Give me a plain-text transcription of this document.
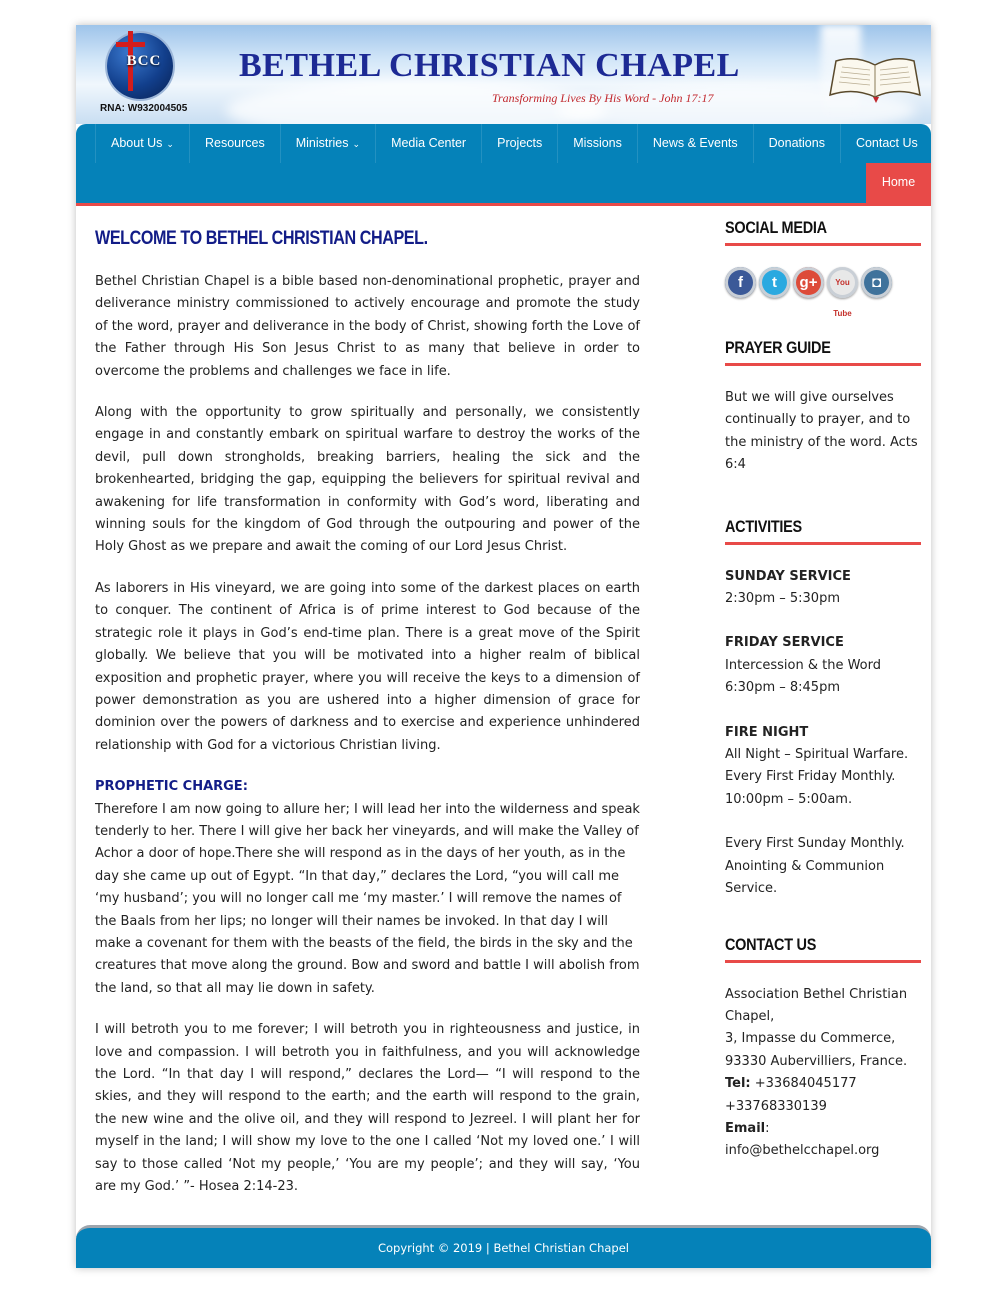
BCC
RNA: W932004505
BETHEL CHRISTIAN CHAPEL
Transforming Lives By His Word - John 17:17
About Us ⌄	Resources	Ministries ⌄	Media Center	Projects	Missions	News & Events	Donations	Contact Us
Home
WELCOME TO BETHEL CHRISTIAN CHAPEL.

Bethel Christian Chapel is a bible based non-denominational prophetic, prayer and deliverance ministry commissioned to actively encourage and promote the study of the word, prayer and deliverance in the body of Christ, showing forth the Love of the Father through His Son Jesus Christ to as many that believe in order to overcome the problems and challenges we face in life.

Along with the opportunity to grow spiritually and personally, we consistently engage in and constantly embark on spiritual warfare to destroy the works of the devil, pull down strongholds, breaking barriers, healing the sick and the brokenhearted, bridging the gap, equipping the believers for spiritual revival and awakening for life transformation in conformity with God’s word, liberating and winning souls for the kingdom of God through the outpouring and power of the Holy Ghost as we prepare and await the coming of our Lord Jesus Christ.

As laborers in His vineyard, we are going into some of the darkest places on earth to conquer. The continent of Africa is of prime interest to God because of the strategic role it plays in God’s end-time plan. There is a great move of the Spirit globally. We believe that you will be motivated into a higher realm of biblical exposition and prophetic prayer, where you will receive the keys to a dimension of power demonstration as you are ushered into a higher dimension of grace for dominion over the powers of darkness and to exercise and experience unhindered relationship with God for a victorious Christian living.

PROPHETIC CHARGE:
Therefore I am now going to allure her; I will lead her into the wilderness and speak tenderly to her. There I will give her back her vineyards, and will make the Valley of Achor a door of hope.There she will respond as in the days of her youth, as in the day she came up out of Egypt. “In that day,” declares the Lord, “you will call me ‘my husband’; you will no longer call me ‘my master.’ I will remove the names of the Baals from her lips; no longer will their names be invoked. In that day I will make a covenant for them with the beasts of the field, the birds in the sky and the creatures that move along the ground. Bow and sword and battle I will abolish from the land, so that all may lie down in safety.

I will betroth you to me forever; I will betroth you in righteousness and justice, in love and compassion. I will betroth you in faithfulness, and you will acknowledge the Lord. “In that day I will respond,” declares the Lord— “I will respond to the skies, and they will respond to the earth; and the earth will respond to the grain, the new wine and the olive oil, and they will respond to Jezreel. I will plant her for myself in the land; I will show my love to the one I called ‘Not my loved one.’ I will say to those called ‘Not my people,’ ‘You are my people’; and they will say, ‘You are my God.’ ”- Hosea 2:14-23.

SOCIAL MEDIA
f	t	g+	You Tube
◘
PRAYER GUIDE

But we will give ourselves continually to prayer, and to the ministry of the word. Acts 6:4

ACTIVITIES

SUNDAY SERVICE

2:30pm – 5:30pm

FRIDAY SERVICE

Intercession & the Word

6:30pm – 8:45pm

FIRE NIGHT

All Night – Spiritual Warfare.

Every First Friday Monthly.

10:00pm – 5:00am.

Every First Sunday Monthly.

Anointing & Communion Service.

CONTACT US

Association Bethel Christian Chapel,

3, Impasse du Commerce,

93330 Aubervilliers, France.

Tel: +33684045177

+33768330139

Email:

info@bethelcchapel.org

Copyright © 2019 | Bethel Christian Chapel
